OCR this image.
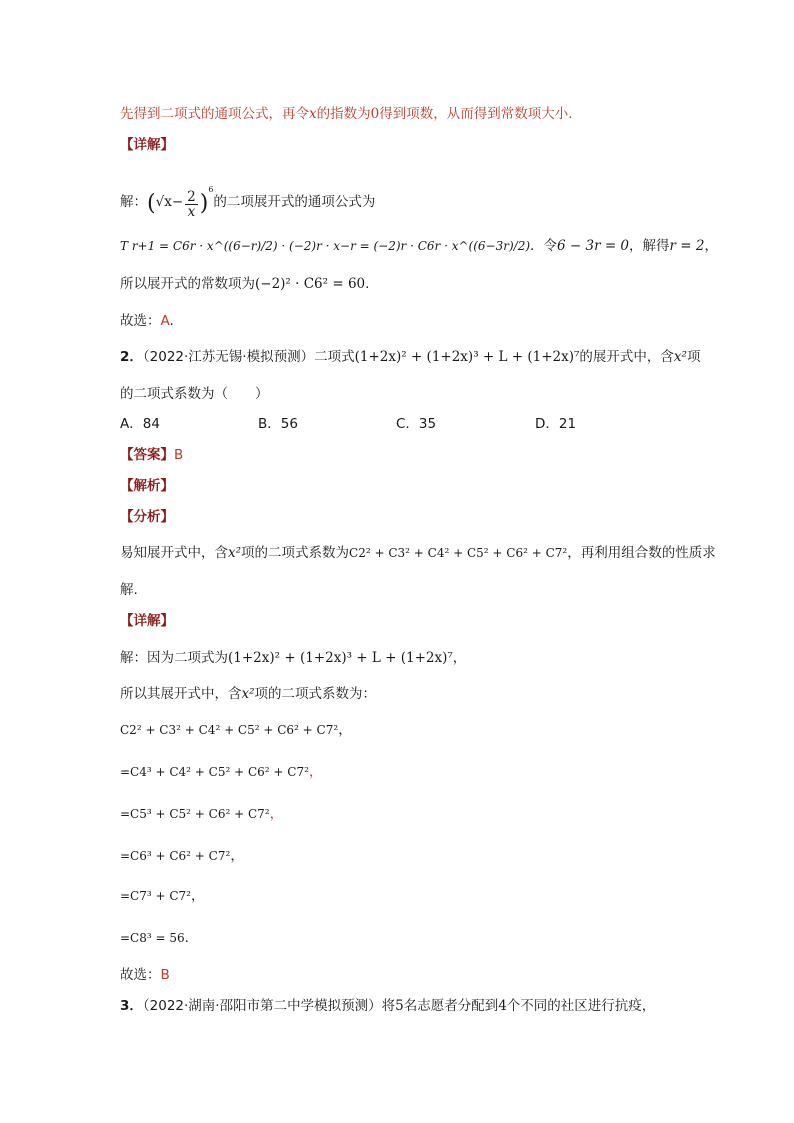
先得到二项式的通项公式，再令x的指数为0得到项数，从而得到常数项大小.
【详解】
解：$(√x- \frac{2}{x} )^6$的二项展开式的通项公式为
T r+1 = C6r · x^((6−r)/2) · (−2)r · x−r = (−2)r · C6r · x^((6−3r)/2)．令6 − 3r = 0，解得r = 2，
所以展开式的常数项为(−2)² · C6² = 60.
故选：A.
2．（2022·江苏无锡·模拟预测）二项式(1+2x)² + (1+2x)³ + L + (1+2x)⁷的展开式中，含x²项
的二项式系数为（　　）
A．84	B．56	C．35	D．21
【答案】B
【解析】
【分析】
易知展开式中，含x²项的二项式系数为C2² + C3² + C4² + C5² + C6² + C7²，再利用组合数的性质求
解.
【详解】
解：因为二项式为(1+2x)² + (1+2x)³ + L + (1+2x)⁷，
所以其展开式中，含x²项的二项式系数为：
C2² + C3² + C4² + C5² + C6² + C7²，
=C4³ + C4² + C5² + C6² + C7²，
=C5³ + C5² + C6² + C7²，
=C6³ + C6² + C7²，
=C7³ + C7²，
=C8³ = 56.
故选：B
3．（2022·湖南·邵阳市第二中学模拟预测）将5名志愿者分配到4个不同的社区进行抗疫，
